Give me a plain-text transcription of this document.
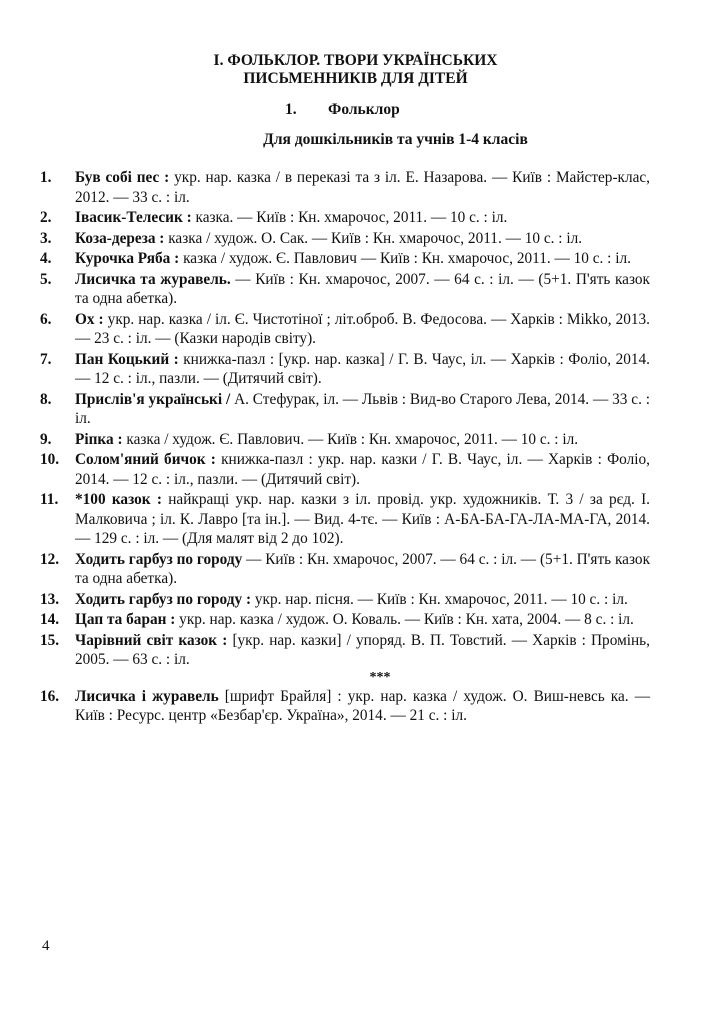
І. ФОЛЬКЛОР. ТВОРИ УКРАЇНСЬКИХ
ПИСЬМЕННИКІВ ДЛЯ ДІТЕЙ
1. Фольклор
Для дошкільників та учнів 1-4 класів
1. Був собі пес : укр. нар. казка / в переказі та з іл. Е. Назарова. — Київ : Майстер-клас, 2012. — 33 с. : іл.
2. Івасик-Телесик : казка. — Київ : Кн. хмарочос, 2011. — 10 с. : іл.
3. Коза-дереза : казка / худож. О. Сак. — Київ : Кн. хмарочос, 2011. — 10 с. : іл.
4. Курочка Ряба : казка / худож. Є. Павлович — Київ : Кн. хмарочос, 2011. — 10 с. : іл.
5. Лисичка та журавель. — Київ : Кн. хмарочос, 2007. — 64 с. : іл. — (5+1. П'ять казок та одна абетка).
6. Ох : укр. нар. казка / іл. Є. Чистотіної ; літ.оброб. В. Федосова. — Харків : Mikko, 2013. — 23 с. : іл. — (Казки народів світу).
7. Пан Коцький : книжка-пазл : [укр. нар. казка] / Г. В. Чаус, іл. — Харків : Фоліо, 2014. — 12 с. : іл., пазли. — (Дитячий світ).
8. Прислів'я українські / А. Стефурак, іл. — Львів : Вид-во Старого Лева, 2014. — 33 с. : іл.
9. Ріпка : казка / худож. Є. Павлович. — Київ : Кн. хмарочос, 2011. — 10 с. : іл.
10. Солом'яний бичок : книжка-пазл : укр. нар. казки / Г. В. Чаус, іл. — Харків : Фоліо, 2014. — 12 с. : іл., пазли. — (Дитячий світ).
11. *100 казок : найкращі укр. нар. казки з іл. провід. укр. художників. Т. 3 / за рєд. І. Малковича ; іл. К. Лавро [та ін.]. — Вид. 4-тє. — Київ : А-БА-БА-ГА-ЛА-МА-ГА, 2014. — 129 с. : іл. — (Для малят від 2 до 102).
12. Ходить гарбуз по городу — Київ : Кн. хмарочос, 2007. — 64 с. : іл. — (5+1. П'ять казок та одна абетка).
13. Ходить гарбуз по городу : укр. нар. пісня. — Київ : Кн. хмарочос, 2011. — 10 с. : іл.
14. Цап та баран : укр. нар. казка / худож. О. Коваль. — Київ : Кн. хата, 2004. — 8 с. : іл.
15. Чарівний світ казок : [укр. нар. казки] / упоряд. В. П. Товстий. — Харків : Промінь, 2005. — 63 с. : іл.
***
16. Лисичка і журавель [шрифт Брайля] : укр. нар. казка / худож. О. Виш-невсь ка. — Київ : Ресурс. центр «Безбар'єр. Україна», 2014. — 21 с. : іл.
4
